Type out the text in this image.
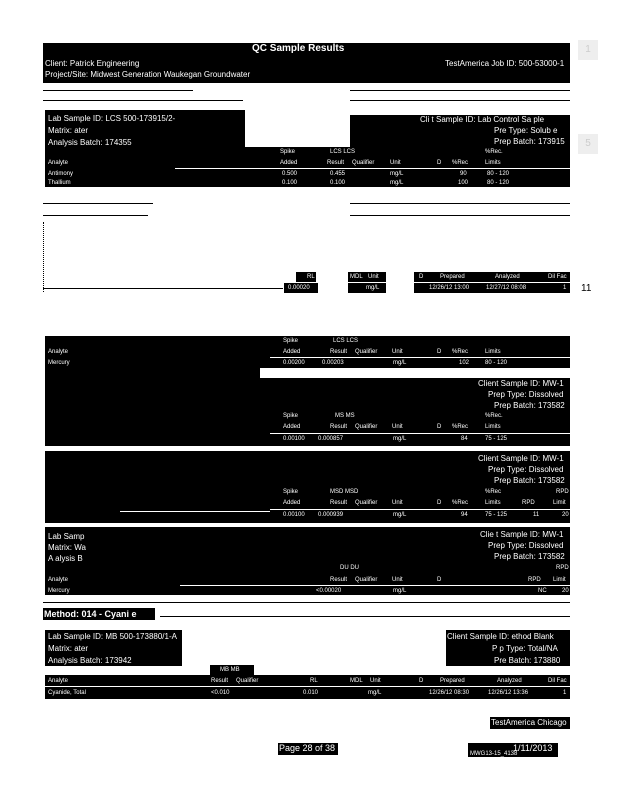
QC Sample Results
Client: Patrick Engineering
Project/Site: Midwest Generation Waukegan Groundwater
TestAmerica Job ID: 500-53000-1
1
5
Lab Sample ID: LCS 500-173915/2-
Matrix: ater
Analysis Batch: 174355
Cli t Sample ID: Lab Control Sa ple
Pre Type: Solub e
Prep Batch: 173915
Spike	LCS LCS	%Rec.
Analyte	Added	Result Qualifier	Unit	D %Rec	Limits
Antimony	0.500	0.455	mg/L	90	80 - 120
Thallium	0.100	0.100	mg/L	100	80 - 120
RL	MDL Unit	D	Prepared	Analyzed	Dil Fac
0.00020	mg/L	12/26/12 13:00	12/27/12 08:08	1 11
Spike	LCS LCS
Analyte	Added	Result Qualifier Unit	D %Rec	Limits
Mercury	0.00200	0.00203	mg/L	102	80 - 120
Client Sample ID: MW-1
Prep Type: Dissolved
Prep Batch: 173582
Spike	MS MS	%Rec.
Added	Result Qualifier Unit	D %Rec	Limits
0.00100 0.000857	mg/L	84	75 - 125
Client Sample ID: MW-1
Prep Type: Dissolved
Prep Batch: 173582
Spike	MSD MSD	%Rec	RPD
Added	Result Qualifier Unit	D %Rec	Limits	RPD	Limit
0.00100 0.000939	mg/L	94	75 - 125	11	20
Lab Samp
Matrix: Wa
A alysis B
Clie t Sample ID: MW-1
Prep Type: Dissolved
Prep Batch: 173582
DU DU	RPD
Analyte	Result Qualifier Unit	D	RPD Limit
Mercury	<0.00020	mg/L	NC	20
Method: 014 - Cyani e
Lab Sample ID: MB 500-173880/1-A
Matrix: ater
Analysis Batch: 173942
Client Sample ID: ethod Blank
P p Type: Total/NA
Pre Batch: 173880
MB MB
Analyte	Result Qualifier	RL	MDL Unit	D	Prepared	Analyzed	Dil Fac
Cyanide, Total	<0.010	0.010	mg/L	12/26/12 08:30	12/26/12 13:36	1
TestAmerica Chicago
Page 28 of 38	1/11/2013
MWG13-15_4138
